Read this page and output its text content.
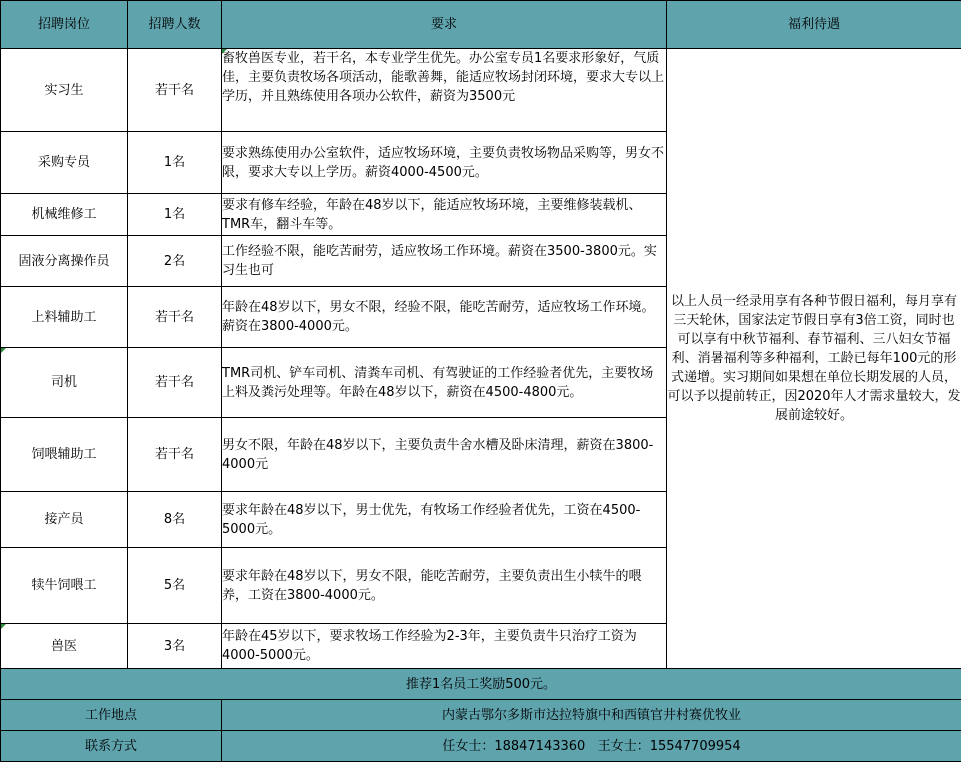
招聘岗位	招聘人数	要求	福利待遇
实习生	若干名	畜牧兽医专业，若干名，本专业学生优先。办公室专员1名要求形象好，气质佳，主要负责牧场各项活动，能歌善舞，能适应牧场封闭环境，要求大专以上学历，并且熟练使用各项办公软件，薪资为3500元	以上人员一经录用享有各种节假日福利，每月享有三天轮休，国家法定节假日享有3倍工资，同时也可以享有中秋节福利、春节福利、三八妇女节福利、消暑福利等多种福利，工龄已每年100元的形式递增。实习期间如果想在单位长期发展的人员，可以予以提前转正，因2020年人才需求量较大，发展前途较好。
采购专员	1名	要求熟练使用办公室软件，适应牧场环境，主要负责牧场物品采购等，男女不限，要求大专以上学历。薪资4000-4500元。	
机械维修工	1名	要求有修车经验，年龄在48岁以下，能适应牧场环境，主要维修装载机、TMR车，翻斗车等。	
固液分离操作员	2名	工作经验不限，能吃苦耐劳，适应牧场工作环境。薪资在3500-3800元。实习生也可	
上料辅助工	若干名	年龄在48岁以下，男女不限，经验不限，能吃苦耐劳，适应牧场工作环境。薪资在3800-4000元。	
司机	若干名	TMR司机、铲车司机、清粪车司机、有驾驶证的工作经验者优先，主要牧场上料及粪污处理等。年龄在48岁以下，薪资在4500-4800元。	
饲喂辅助工	若干名	男女不限，年龄在48岁以下，主要负责牛舍水槽及卧床清理，薪资在3800-4000元	
接产员	8名	要求年龄在48岁以下，男士优先，有牧场工作经验者优先，工资在4500-5000元。	
犊牛饲喂工	5名	要求年龄在48岁以下，男女不限，能吃苦耐劳，主要负责出生小犊牛的喂养，工资在3800-4000元。	
兽医	3名	年龄在45岁以下，要求牧场工作经验为2-3年，主要负责牛只治疗工资为4000-5000元。	
推荐1名员工奖励500元。			
工作地点		内蒙古鄂尔多斯市达拉特旗中和西镇官井村赛优牧业	
联系方式		任女士：18847143360   王女士：15547709954	
